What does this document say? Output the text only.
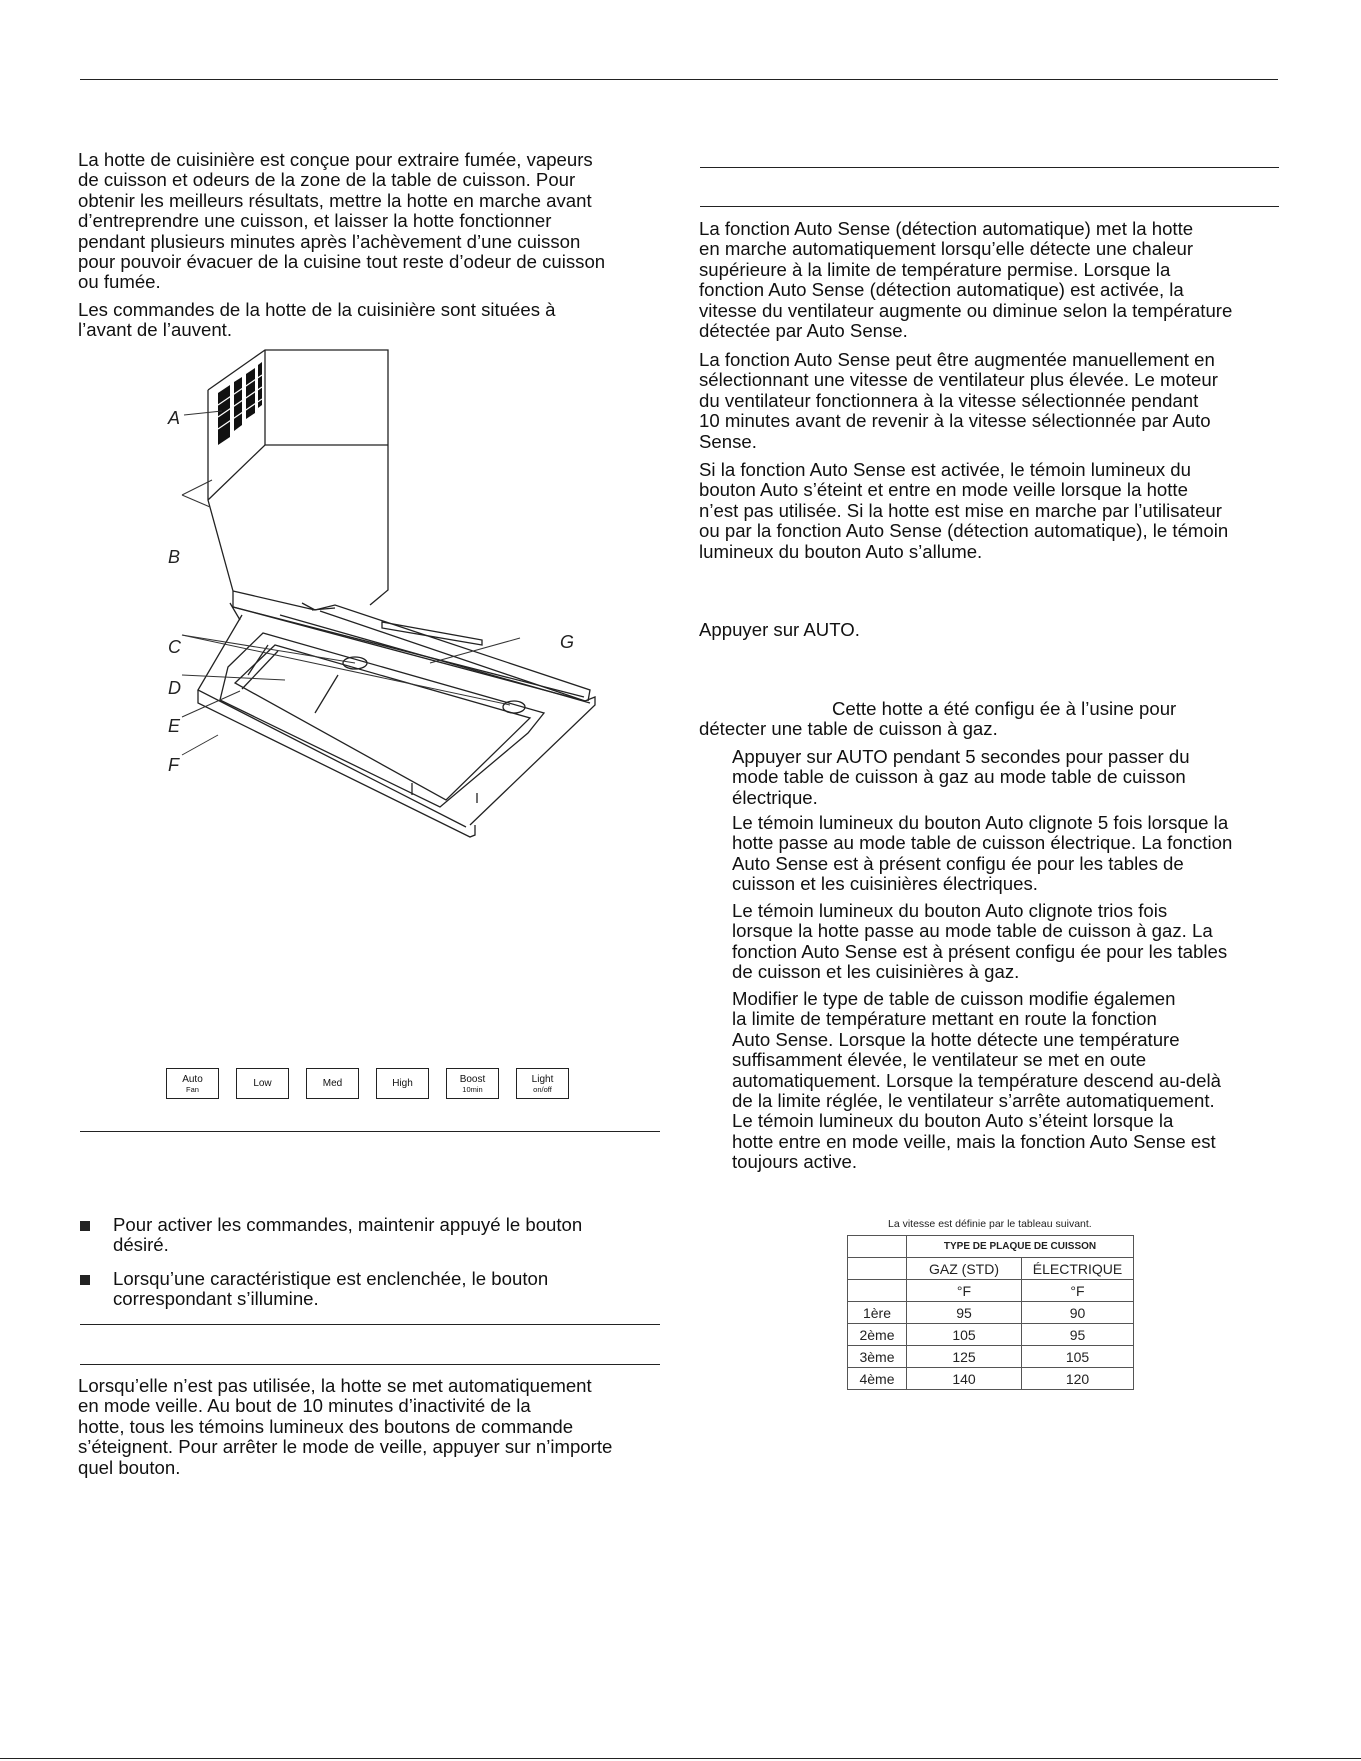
La hotte de cuisinière est conçue pour extraire fumée, vapeurs
de cuisson et odeurs de la zone de la table de cuisson. Pour
obtenir les meilleurs résultats, mettre la hotte en marche avant
d’entreprendre une cuisson, et laisser la hotte fonctionner
pendant plusieurs minutes après l’achèvement d’une cuisson
pour pouvoir évacuer de la cuisine tout reste d’odeur de cuisson
ou fumée.
Les commandes de la hotte de la cuisinière sont situées à
l’avant de l’auvent.
A
B
C
D
E
F
G
Auto
Fan	Low	Med	High	Boost
10min
Light
on/off
Pour activer les commandes, maintenir appuyé le bouton
désiré.
Lorsqu’une caractéristique est enclenchée, le bouton
correspondant s’illumine.
Lorsqu’elle n’est pas utilisée, la hotte se met automatiquement
en mode veille. Au bout de 10 minutes d’inactivité de la
hotte, tous les témoins lumineux des boutons de commande
s’éteignent. Pour arrêter le mode de veille, appuyer sur n’importe
quel bouton.
La fonction Auto Sense (détection automatique) met la hotte
en marche automatiquement lorsqu’elle détecte une chaleur
supérieure à la limite de température permise. Lorsque la
fonction Auto Sense (détection automatique) est activée, la
vitesse du ventilateur augmente ou diminue selon la température
détectée par Auto Sense.
La fonction Auto Sense peut être augmentée manuellement en
sélectionnant une vitesse de ventilateur plus élevée. Le moteur
du ventilateur fonctionnera à la vitesse sélectionnée pendant
10 minutes avant de revenir à la vitesse sélectionnée par Auto
Sense.
Si la fonction Auto Sense est activée, le témoin lumineux du
bouton Auto s’éteint et entre en mode veille lorsque la hotte
n’est pas utilisée. Si la hotte est mise en marche par l’utilisateur
ou par la fonction Auto Sense (détection automatique), le témoin
lumineux du bouton Auto s’allume.
Appuyer sur AUTO.
Cette hotte a été configu ée à l’usine pour
détecter une table de cuisson à gaz.
Appuyer sur AUTO pendant 5 secondes pour passer du
mode table de cuisson à gaz au mode table de cuisson
électrique.
Le témoin lumineux du bouton Auto clignote 5 fois lorsque la
hotte passe au mode table de cuisson électrique. La fonction
Auto Sense est à présent configu ée pour les tables de
cuisson et les cuisinières électriques.
Le témoin lumineux du bouton Auto clignote trios fois
lorsque la hotte passe au mode table de cuisson à gaz. La
fonction Auto Sense est à présent configu ée pour les tables
de cuisson et les cuisinières à gaz.
Modifier le type de table de cuisson modifie égalemen
la limite de température mettant en route la fonction
Auto Sense. Lorsque la hotte détecte une température
suffisamment élevée, le ventilateur se met en oute
automatiquement. Lorsque la température descend au-delà
de la limite réglée, le ventilateur s’arrête automatiquement.
Le témoin lumineux du bouton Auto s’éteint lorsque la
hotte entre en mode veille, mais la fonction Auto Sense est
toujours active.
La vitesse est définie par le tableau suivant.
	TYPE DE PLAQUE DE CUISSON	
	GAZ (STD)	ÉLECTRIQUE
	°F	°F
1ère	95	90
2ème	105	95
3ème	125	105
4ème	140	120
